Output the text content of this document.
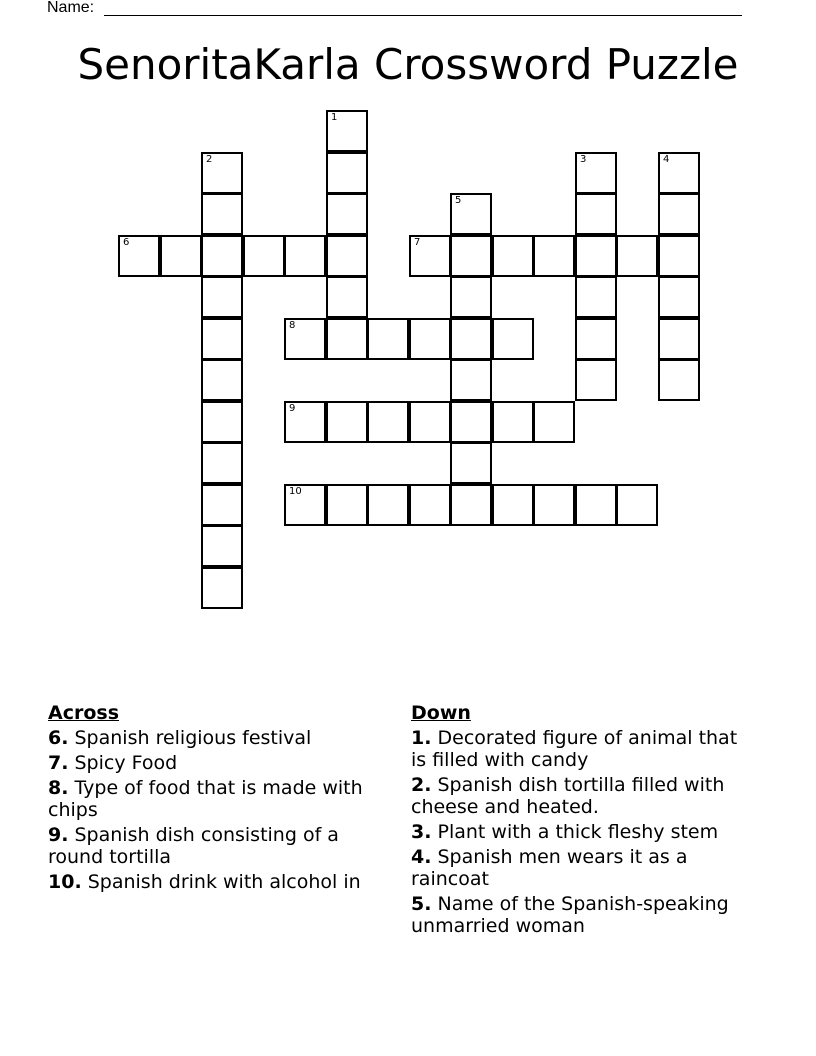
Name:
SenoritaKarla Crossword Puzzle
1
2	3	4
5
6	7
8
9
10
Across
6. Spanish religious festival
7. Spicy Food
8. Type of food that is made with chips
9. Spanish dish consisting of a round tortilla
10. Spanish drink with alcohol in
Down
1. Decorated figure of animal that is filled with candy
2. Spanish dish tortilla filled with cheese and heated.
3. Plant with a thick fleshy stem
4. Spanish men wears it as a raincoat
5. Name of the Spanish-speaking unmarried woman
